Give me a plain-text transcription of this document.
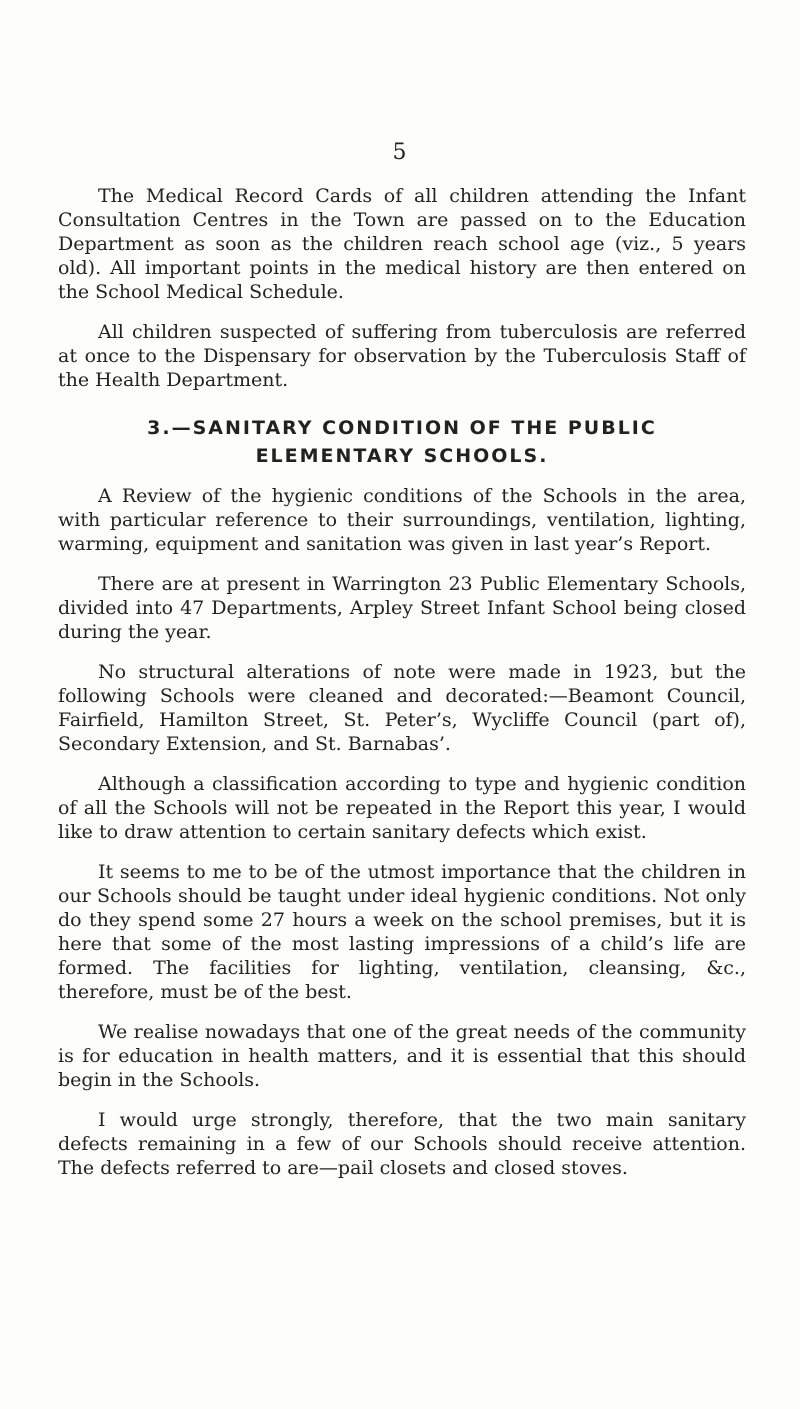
5

The Medical Record Cards of all children attending the Infant Consultation Centres in the Town are passed on to the Education Department as soon as the children reach school age (viz., 5 years old). All important points in the medical history are then entered on the School Medical Schedule.

All children suspected of suffering from tuberculosis are referred at once to the Dispensary for observation by the Tuberculosis Staff of the Health Department.

3.—SANITARY CONDITION OF THE PUBLIC
ELEMENTARY SCHOOLS.

A Review of the hygienic conditions of the Schools in the area, with particular reference to their surroundings, ventilation, lighting, warming, equipment and sanitation was given in last year’s Report.

There are at present in Warrington 23 Public Elementary Schools, divided into 47 Departments, Arpley Street Infant School being closed during the year.

No structural alterations of note were made in 1923, but the following Schools were cleaned and decorated:—Beamont Council, Fairfield, Hamilton Street, St. Peter’s, Wycliffe Council (part of), Secondary Extension, and St. Barnabas’.

Although a classification according to type and hygienic condition of all the Schools will not be repeated in the Report this year, I would like to draw attention to certain sanitary defects which exist.

It seems to me to be of the utmost importance that the children in our Schools should be taught under ideal hygienic conditions. Not only do they spend some 27 hours a week on the school premises, but it is here that some of the most lasting impressions of a child’s life are formed. The facilities for lighting, ventilation, cleansing, &c., therefore, must be of the best.

We realise nowadays that one of the great needs of the community is for education in health matters, and it is essential that this should begin in the Schools.

I would urge strongly, therefore, that the two main sanitary defects remaining in a few of our Schools should receive attention. The defects referred to are—pail closets and closed stoves.
